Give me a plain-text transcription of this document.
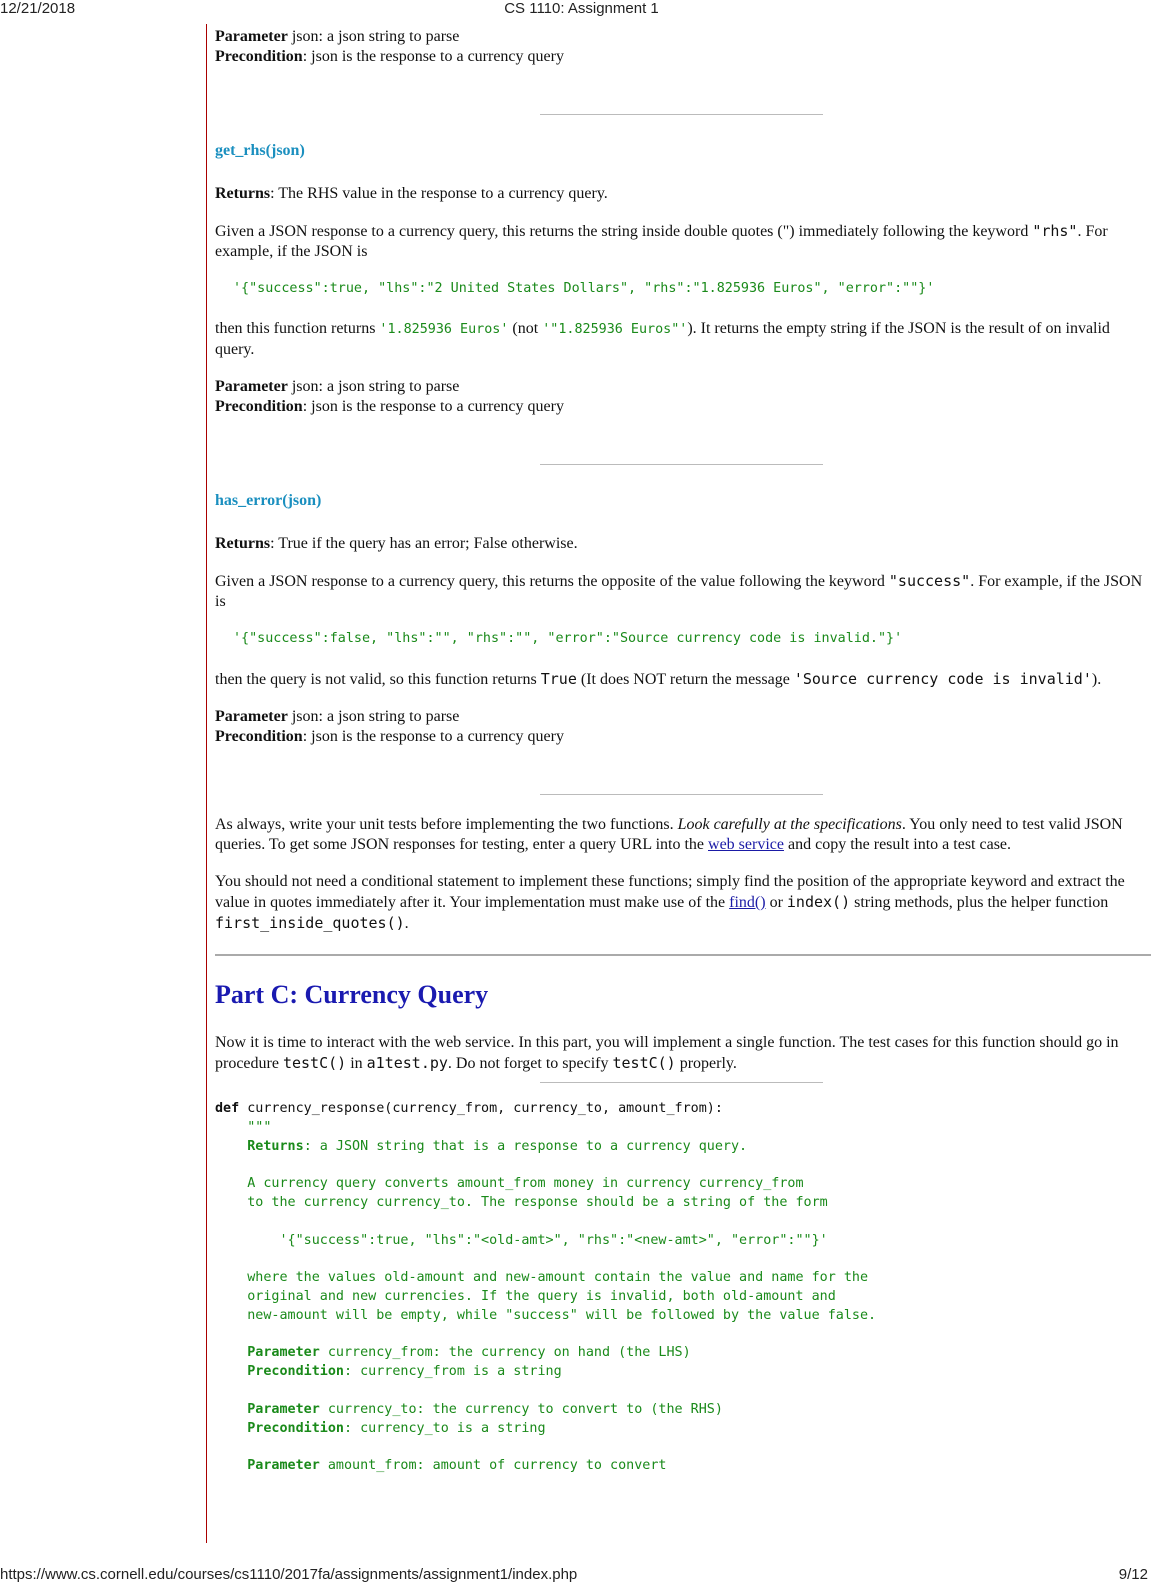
12/21/2018	CS 1110: Assignment 1
Parameter json: a json string to parse
Precondition: json is the response to a currency query
get_rhs(json)

Returns: The RHS value in the response to a currency query.

Given a JSON response to a currency query, this returns the string inside double quotes (") immediately following the keyword "rhs". For example, if the JSON is

'{"success":true, "lhs":"2 United States Dollars", "rhs":"1.825936 Euros", "error":""}'

then this function returns '1.825936 Euros' (not '"1.825936 Euros"'). It returns the empty string if the JSON is the result of on invalid query.

Parameter json: a json string to parse
Precondition: json is the response to a currency query
has_error(json)

Returns: True if the query has an error; False otherwise.

Given a JSON response to a currency query, this returns the opposite of the value following the keyword "success". For example, if the JSON is

'{"success":false, "lhs":"", "rhs":"", "error":"Source currency code is invalid."}'

then the query is not valid, so this function returns True (It does NOT return the message 'Source currency code is invalid').

Parameter json: a json string to parse
Precondition: json is the response to a currency query

As always, write your unit tests before implementing the two functions. Look carefully at the specifications. You only need to test valid JSON queries. To get some JSON responses for testing, enter a query URL into the web service and copy the result into a test case.

You should not need a conditional statement to implement these functions; simply find the position of the appropriate keyword and extract the value in quotes immediately after it. Your implementation must make use of the find() or index() string methods, plus the helper function first_inside_quotes().

Part C: Currency Query

Now it is time to interact with the web service. In this part, you will implement a single function. The test cases for this function should go in procedure testC() in a1test.py. Do not forget to specify testC() properly.

def currency_response(currency_from, currency_to, amount_from):
"""
Returns: a JSON string that is a response to a currency query.

A currency query converts amount_from money in currency currency_from
to the currency currency_to. The response should be a string of the form

'{"success":true, "lhs":"<old-amt>", "rhs":"<new-amt>", "error":""}'

where the values old-amount and new-amount contain the value and name for the
original and new currencies. If the query is invalid, both old-amount and
new-amount will be empty, while "success" will be followed by the value false.

Parameter currency_from: the currency on hand (the LHS)
Precondition: currency_from is a string

Parameter currency_to: the currency to convert to (the RHS)
Precondition: currency_to is a string

Parameter amount_from: amount of currency to convert
https://www.cs.cornell.edu/courses/cs1110/2017fa/assignments/assignment1/index.php	9/12
